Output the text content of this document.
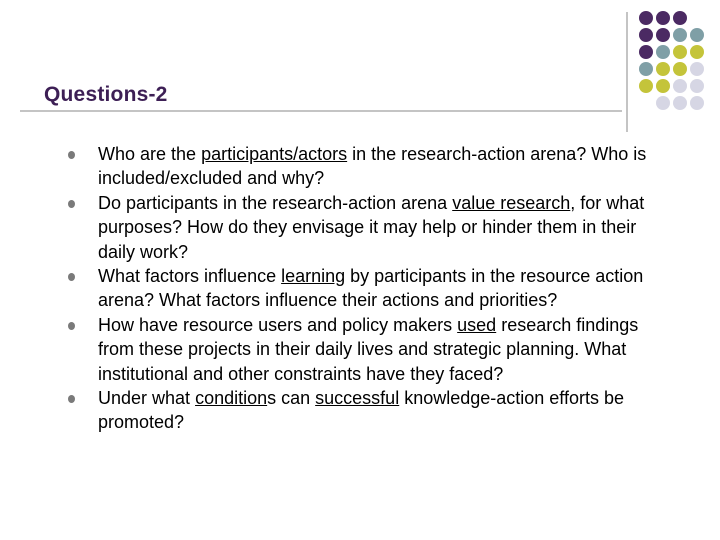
Questions-2
Who are the participants/actors in the research-action arena? Who is included/excluded and why?
Do participants in the research-action arena value research, for what purposes? How do they envisage it may help or hinder them in their daily work?
What factors influence learning by participants in the resource action arena? What factors influence their actions and priorities?
How have resource users and policy makers used research findings from these projects in their daily lives and strategic planning. What institutional and other constraints have they faced?
Under what conditions can successful knowledge-action efforts be promoted?
